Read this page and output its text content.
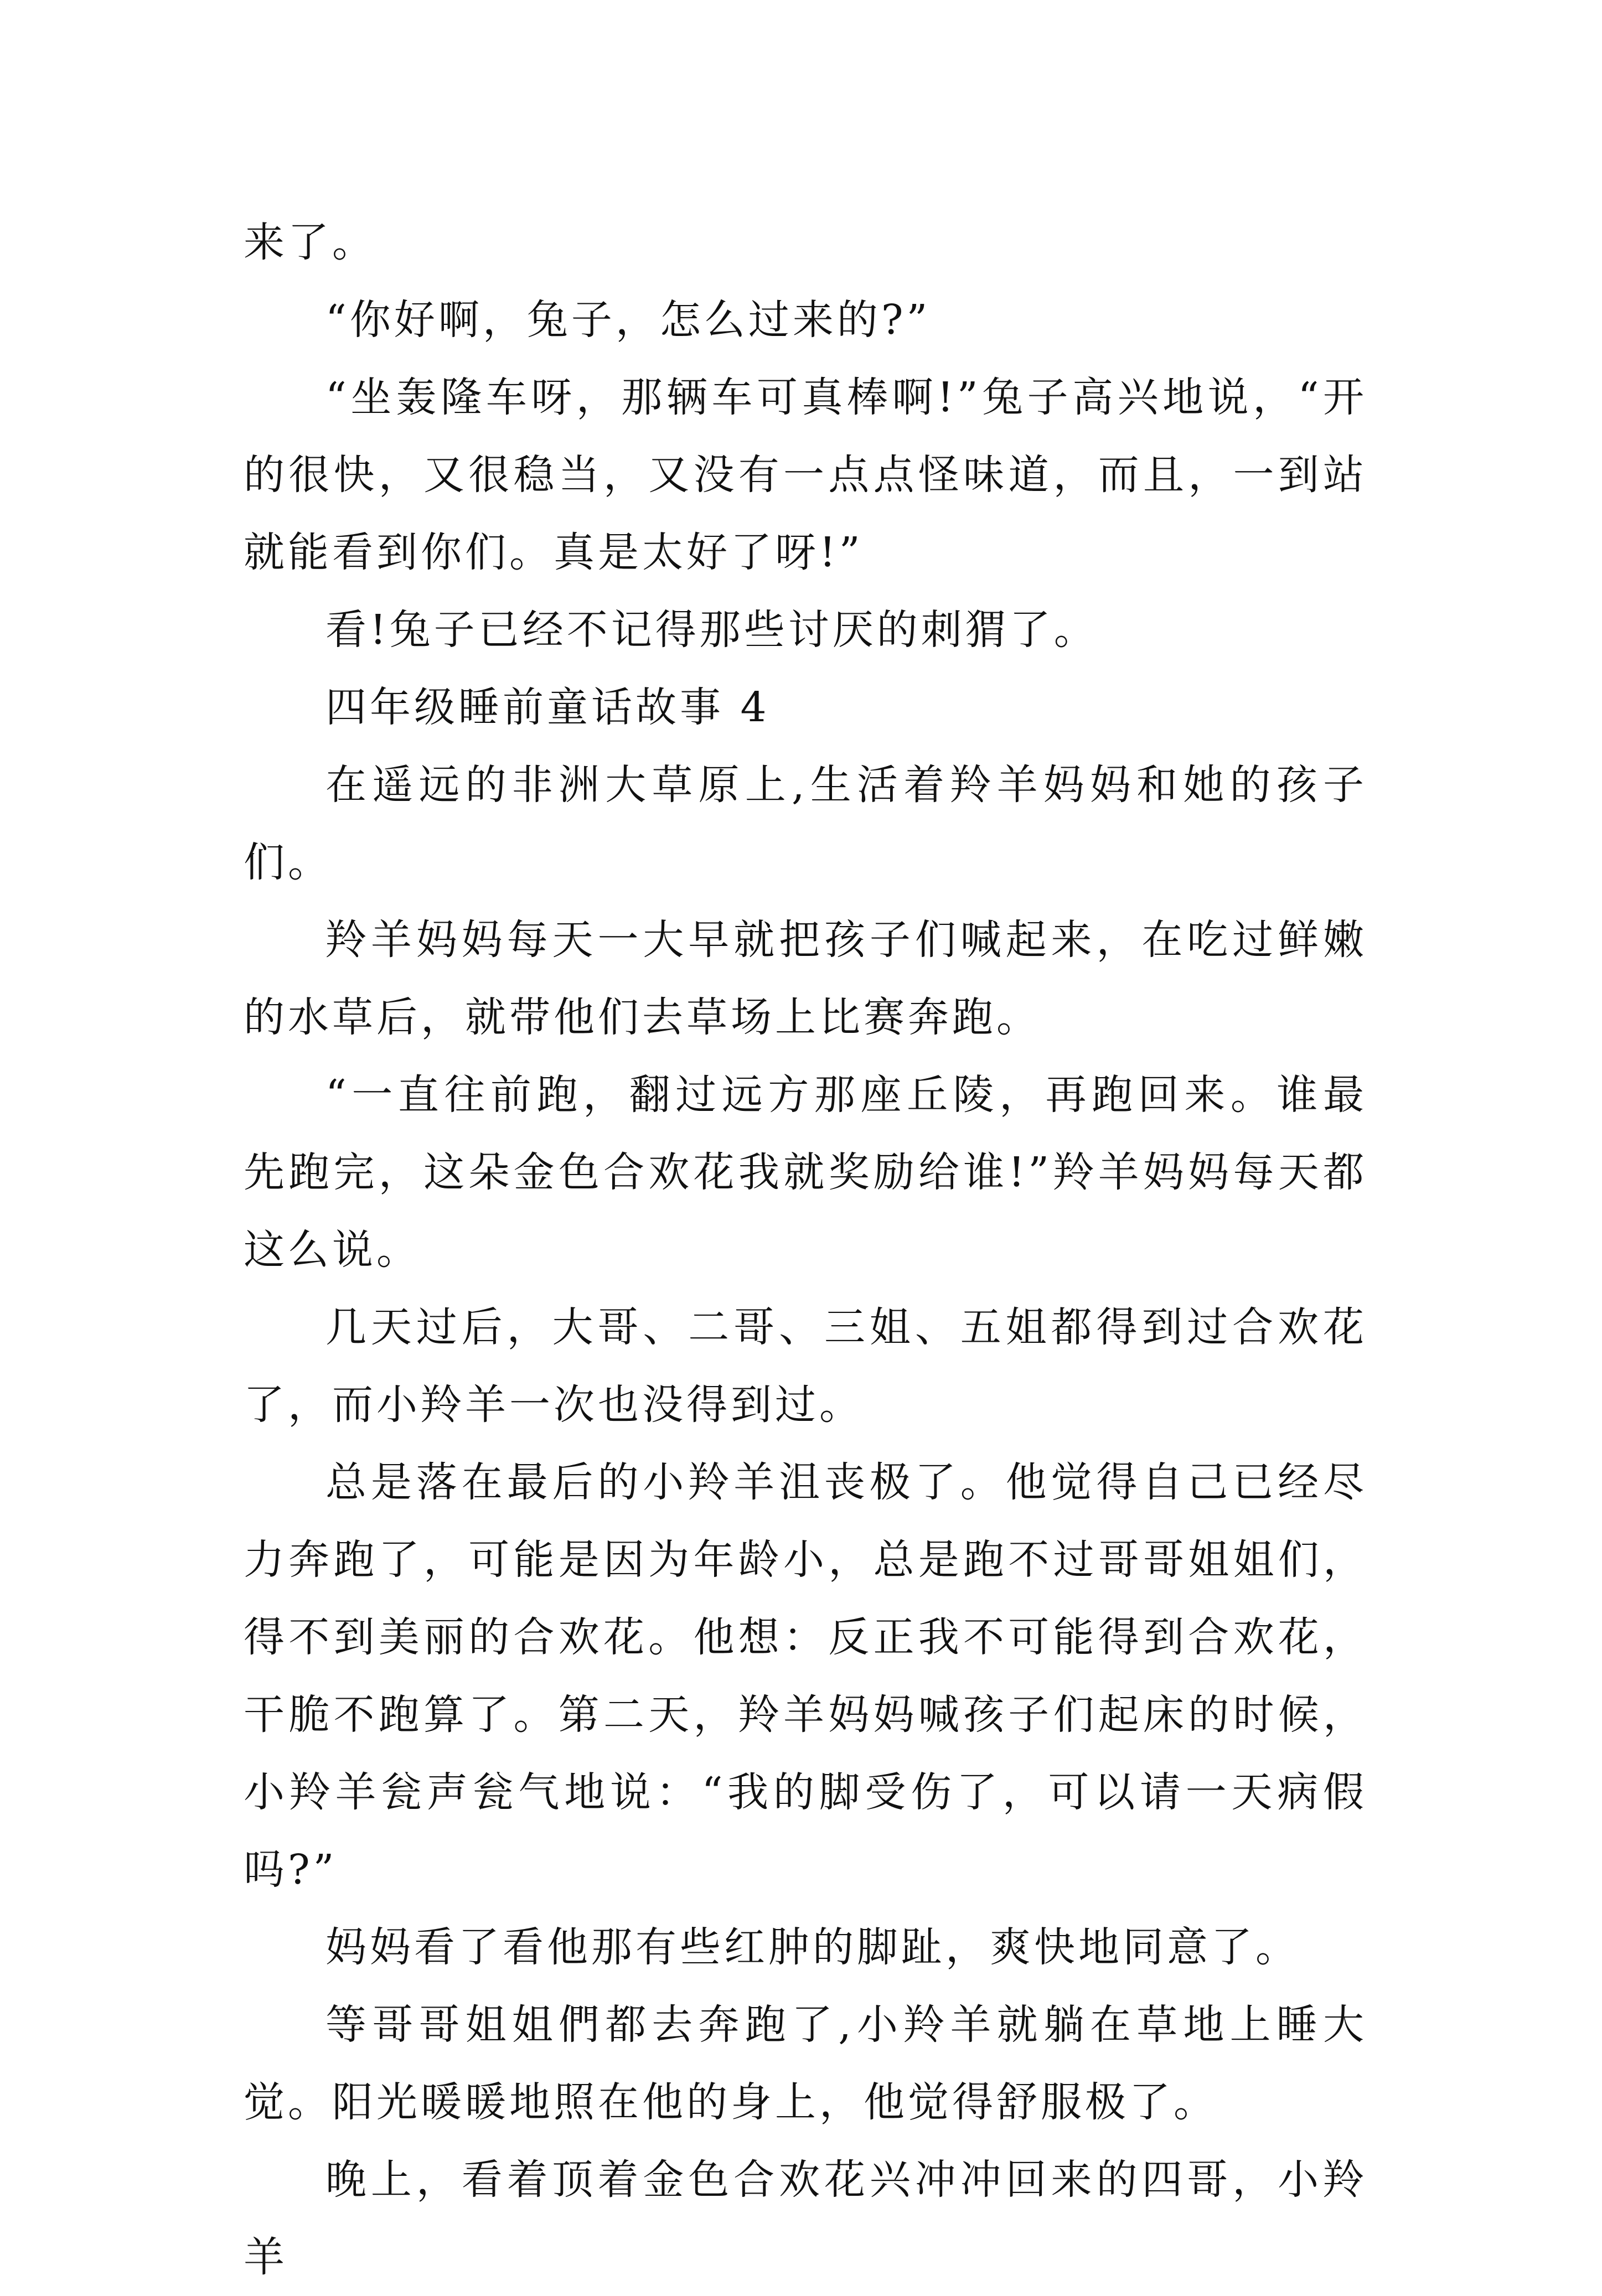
来了。

“你好啊，兔子，怎么过来的?”

“坐轰隆车呀，那辆车可真棒啊!”兔子高兴地说，“开的很快，又很稳当，又没有一点点怪味道，而且，一到站就能看到你们。真是太好了呀!”

看!兔子已经不记得那些讨厌的刺猬了。

四年级睡前童话故事 4

在遥远的非洲大草原上,生活着羚羊妈妈和她的孩子们。

羚羊妈妈每天一大早就把孩子们喊起来，在吃过鲜嫩的水草后，就带他们去草场上比赛奔跑。

“一直往前跑，翻过远方那座丘陵，再跑回来。谁最先跑完，这朵金色合欢花我就奖励给谁!”羚羊妈妈每天都这么说。

几天过后，大哥、二哥、三姐、五姐都得到过合欢花了，而小羚羊一次也没得到过。

总是落在最后的小羚羊沮丧极了。他觉得自己已经尽力奔跑了，可能是因为年龄小，总是跑不过哥哥姐姐们，得不到美丽的合欢花。他想：反正我不可能得到合欢花，干脆不跑算了。第二天，羚羊妈妈喊孩子们起床的时候，小羚羊瓮声瓮气地说：“我的脚受伤了，可以请一天病假吗?”

妈妈看了看他那有些红肿的脚趾，爽快地同意了。

等哥哥姐姐們都去奔跑了,小羚羊就躺在草地上睡大觉。阳光暖暖地照在他的身上，他觉得舒服极了。

晚上，看着顶着金色合欢花兴冲冲回来的四哥，小羚羊
